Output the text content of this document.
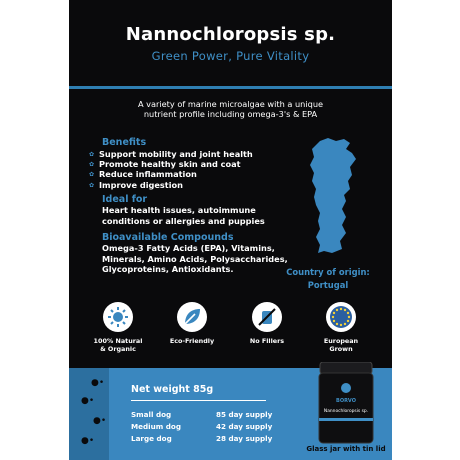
Nannochloropsis sp.
Green Power, Pure Vitality
A variety of marine microalgae with a unique
nutrient profile including omega-3's & EPA
Benefits
✿ Support mobility and joint health
✿ Promote healthy skin and coat
✿ Reduce inflammation
✿ Improve digestion
Ideal for
Heart health issues, autoimmune
conditions or allergies and puppies
Bioavailable Compounds
Omega-3 Fatty Acids (EPA), Vitamins,
Minerals, Amino Acids, Polysaccharides,
Glycoproteins, Antioxidants.	Country of origin:
Portugal
100% Natural
& Organic
Eco-Friendly	No Fillers	European
Grown
●•
●•
●•
●•
Net weight 85g
Small dog	85 day supply
Medium dog	42 day supply
Large dog	28 day supply
BORVO
Nannochloropsis sp.
Glass jar with tin lid
